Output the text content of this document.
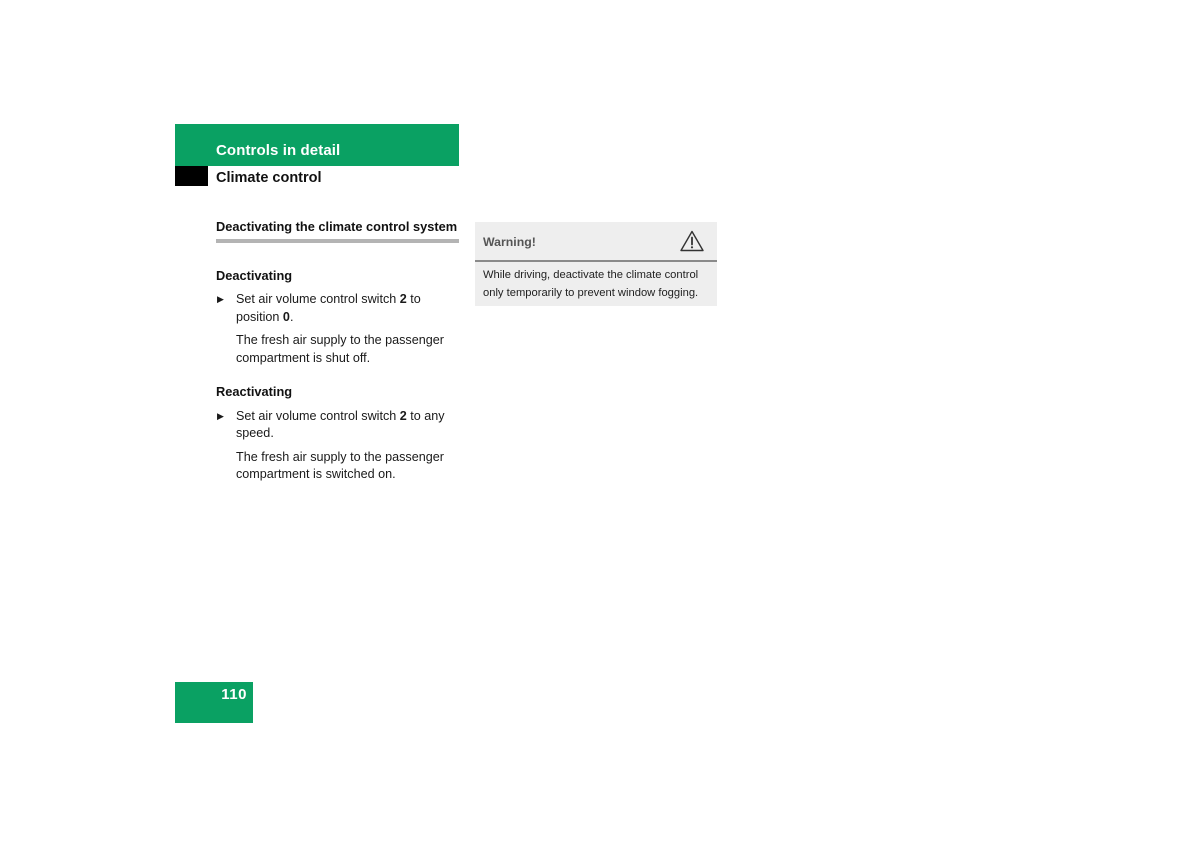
Controls in detail
Climate control
Deactivating the climate control system
Deactivating

▶ Set air volume control switch 2 to position 0.

The fresh air supply to the passenger compartment is shut off.

Reactivating

▶ Set air volume control switch 2 to any speed.

The fresh air supply to the passenger compartment is switched on.

Warning!
While driving, deactivate the climate control only temporarily to prevent window fogging.
110
